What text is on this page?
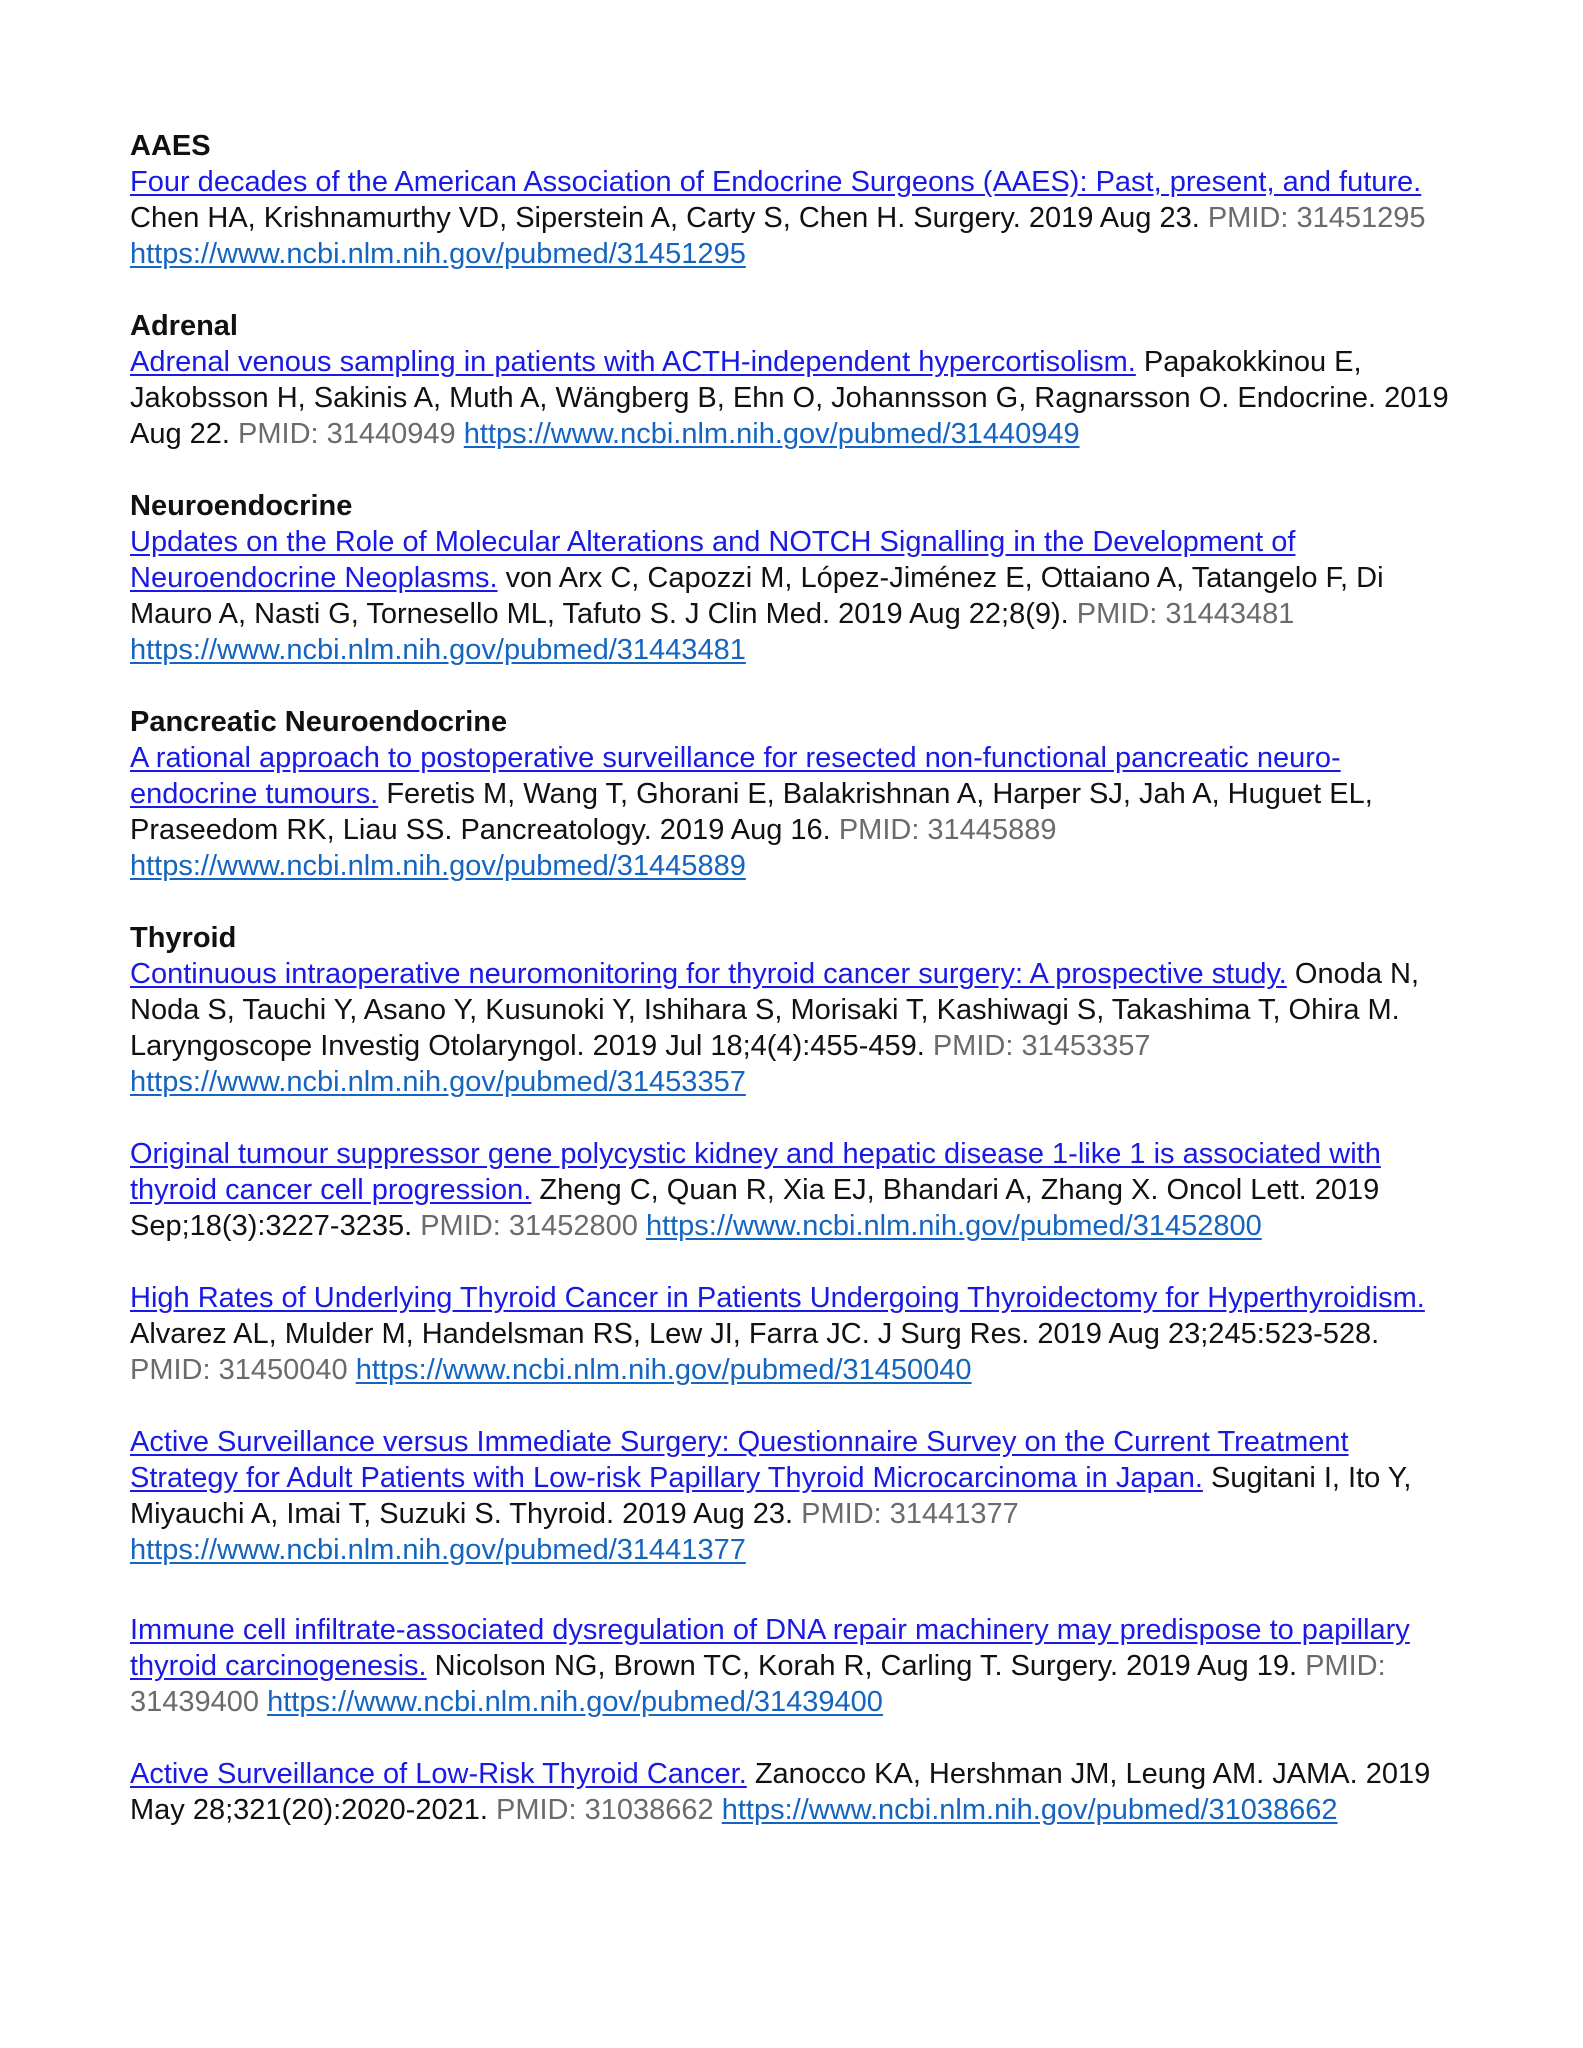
AAES
Four decades of the American Association of Endocrine Surgeons (AAES): Past, present, and future. Chen HA, Krishnamurthy VD, Siperstein A, Carty S, Chen H. Surgery. 2019 Aug 23. PMID: 31451295 https://www.ncbi.nlm.nih.gov/pubmed/31451295
Adrenal
Adrenal venous sampling in patients with ACTH-independent hypercortisolism. Papakokkinou E, Jakobsson H, Sakinis A, Muth A, Wängberg B, Ehn O, Johannsson G, Ragnarsson O. Endocrine. 2019 Aug 22. PMID: 31440949 https://www.ncbi.nlm.nih.gov/pubmed/31440949
Neuroendocrine
Updates on the Role of Molecular Alterations and NOTCH Signalling in the Development of Neuroendocrine Neoplasms. von Arx C, Capozzi M, López-Jiménez E, Ottaiano A, Tatangelo F, Di Mauro A, Nasti G, Tornesello ML, Tafuto S. J Clin Med. 2019 Aug 22;8(9). PMID: 31443481 https://www.ncbi.nlm.nih.gov/pubmed/31443481
Pancreatic Neuroendocrine
A rational approach to postoperative surveillance for resected non-functional pancreatic neuro-endocrine tumours. Feretis M, Wang T, Ghorani E, Balakrishnan A, Harper SJ, Jah A, Huguet EL, Praseedom RK, Liau SS. Pancreatology. 2019 Aug 16. PMID: 31445889 https://www.ncbi.nlm.nih.gov/pubmed/31445889
Thyroid
Continuous intraoperative neuromonitoring for thyroid cancer surgery: A prospective study. Onoda N, Noda S, Tauchi Y, Asano Y, Kusunoki Y, Ishihara S, Morisaki T, Kashiwagi S, Takashima T, Ohira M. Laryngoscope Investig Otolaryngol. 2019 Jul 18;4(4):455-459. PMID: 31453357 https://www.ncbi.nlm.nih.gov/pubmed/31453357
Original tumour suppressor gene polycystic kidney and hepatic disease 1-like 1 is associated with thyroid cancer cell progression. Zheng C, Quan R, Xia EJ, Bhandari A, Zhang X. Oncol Lett. 2019 Sep;18(3):3227-3235. PMID: 31452800 https://www.ncbi.nlm.nih.gov/pubmed/31452800
High Rates of Underlying Thyroid Cancer in Patients Undergoing Thyroidectomy for Hyperthyroidism. Alvarez AL, Mulder M, Handelsman RS, Lew JI, Farra JC. J Surg Res. 2019 Aug 23;245:523-528. PMID: 31450040 https://www.ncbi.nlm.nih.gov/pubmed/31450040
Active Surveillance versus Immediate Surgery: Questionnaire Survey on the Current Treatment Strategy for Adult Patients with Low-risk Papillary Thyroid Microcarcinoma in Japan. Sugitani I, Ito Y, Miyauchi A, Imai T, Suzuki S. Thyroid. 2019 Aug 23. PMID: 31441377 https://www.ncbi.nlm.nih.gov/pubmed/31441377
Immune cell infiltrate-associated dysregulation of DNA repair machinery may predispose to papillary thyroid carcinogenesis. Nicolson NG, Brown TC, Korah R, Carling T. Surgery. 2019 Aug 19. PMID: 31439400 https://www.ncbi.nlm.nih.gov/pubmed/31439400
Active Surveillance of Low-Risk Thyroid Cancer. Zanocco KA, Hershman JM, Leung AM. JAMA. 2019 May 28;321(20):2020-2021. PMID: 31038662 https://www.ncbi.nlm.nih.gov/pubmed/31038662
